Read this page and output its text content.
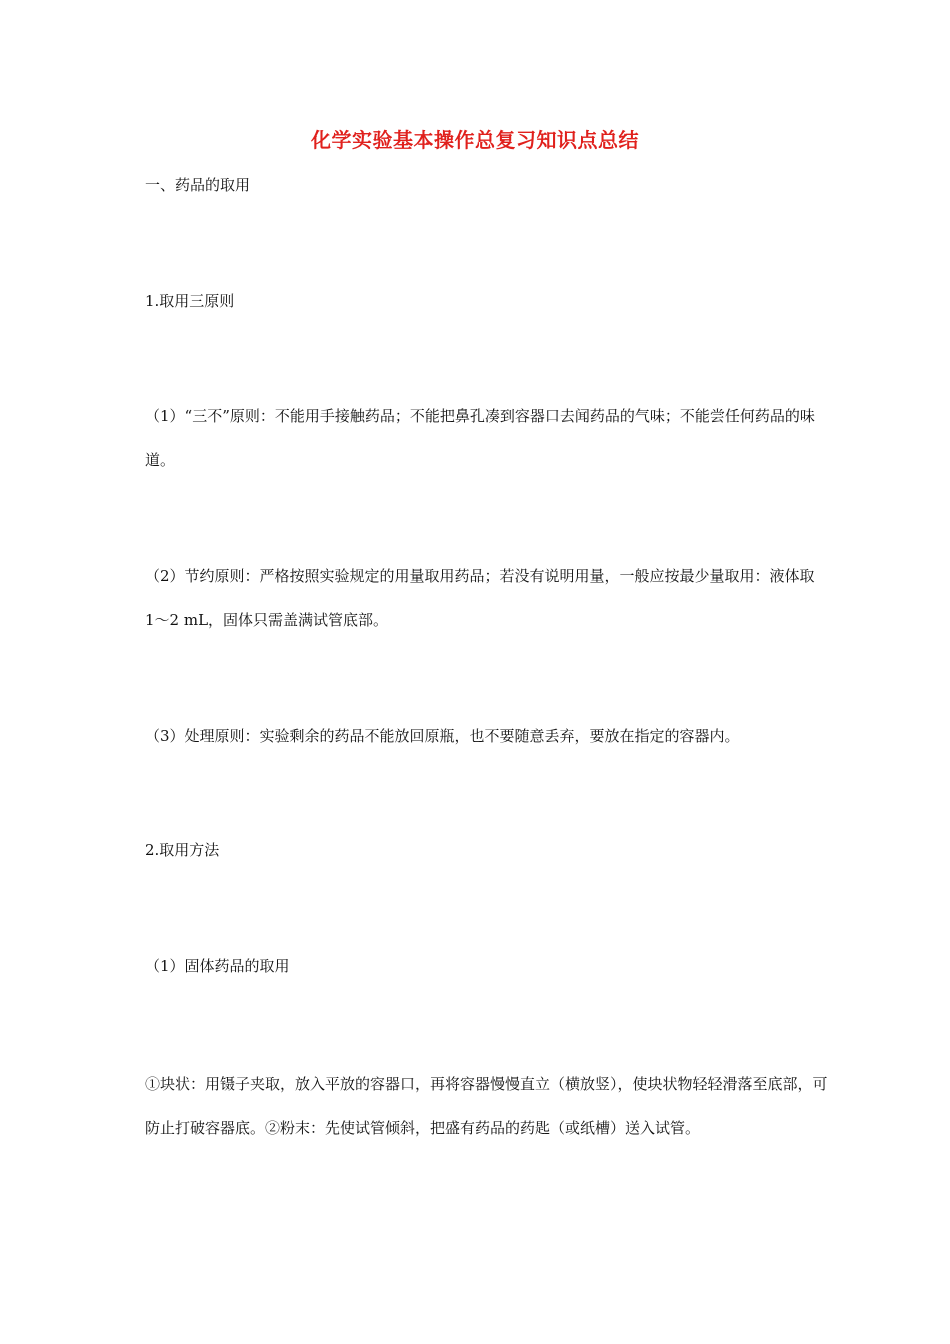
化学实验基本操作总复习知识点总结
一、药品的取用
1.取用三原则
（1）“三不”原则：不能用手接触药品；不能把鼻孔凑到容器口去闻药品的气味；不能尝任何药品的味道。
（2）节约原则：严格按照实验规定的用量取用药品；若没有说明用量，一般应按最少量取用：液体取1～2 mL，固体只需盖满试管底部。
（3）处理原则：实验剩余的药品不能放回原瓶，也不要随意丢弃，要放在指定的容器内。
2.取用方法
（1）固体药品的取用
①块状：用镊子夹取，放入平放的容器口，再将容器慢慢直立（横放竖），使块状物轻轻滑落至底部，可防止打破容器底。②粉末：先使试管倾斜，把盛有药品的药匙（或纸槽）送入试管。
